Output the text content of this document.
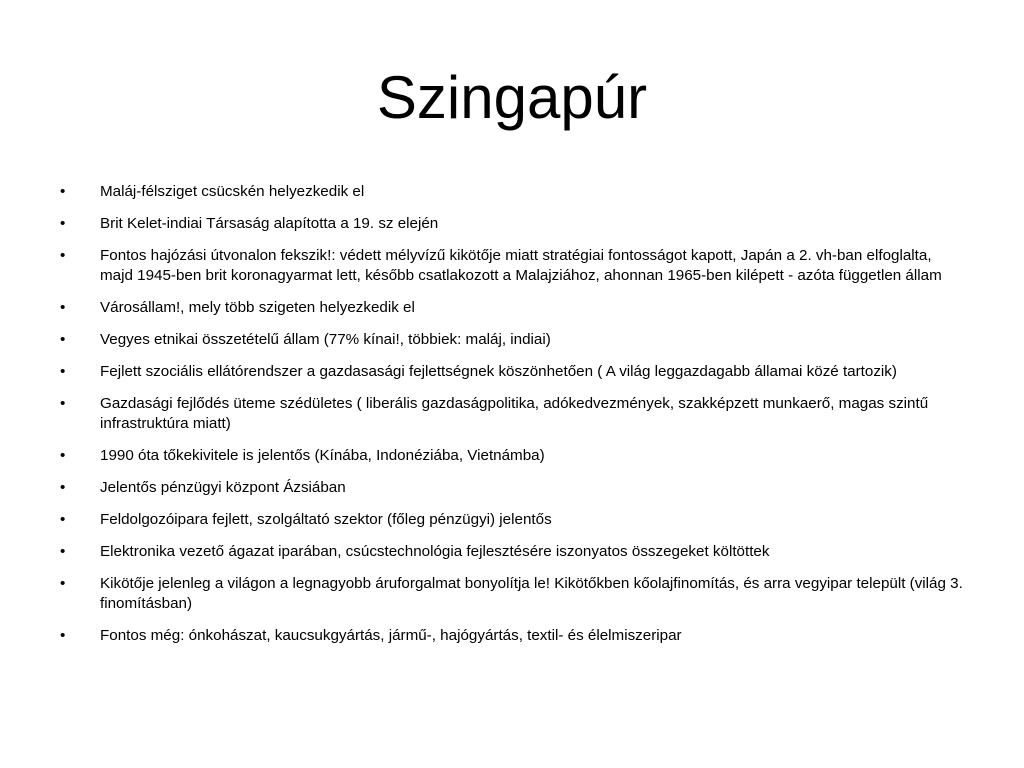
Szingapúr
•	Maláj-félsziget csücskén helyezkedik el
•	Brit Kelet-indiai Társaság alapította a 19. sz elején
•	Fontos hajózási útvonalon fekszik!: védett mélyvízű kikötője miatt stratégiai fontosságot kapott, Japán a 2. vh-ban elfoglalta, majd 1945-ben brit koronagyarmat lett, később csatlakozott a Malajziához, ahonnan 1965-ben kilépett - azóta független állam
•	Városállam!, mely több szigeten helyezkedik el
•	Vegyes etnikai összetételű állam (77% kínai!, többiek: maláj, indiai)
•	Fejlett szociális ellátórendszer a gazdasasági fejlettségnek köszönhetően ( A világ leggazdagabb államai közé tartozik)
•	Gazdasági fejlődés üteme szédületes ( liberális gazdaságpolitika, adókedvezmények, szakképzett munkaerő, magas szintű infrastruktúra miatt)
•	1990 óta tőkekivitele is jelentős (Kínába, Indonéziába, Vietnámba)
•	Jelentős pénzügyi központ Ázsiában
•	Feldolgozóipara fejlett, szolgáltató szektor (főleg pénzügyi) jelentős
•	Elektronika vezető ágazat iparában, csúcstechnológia fejlesztésére iszonyatos összegeket költöttek
•	Kikötője jelenleg a világon a legnagyobb áruforgalmat bonyolítja le! Kikötőkben kőolajfinomítás, és arra vegyipar települt (világ 3. finomításban)
•	Fontos még: ónkohászat, kaucsukgyártás, jármű-, hajógyártás, textil- és élelmiszeripar
